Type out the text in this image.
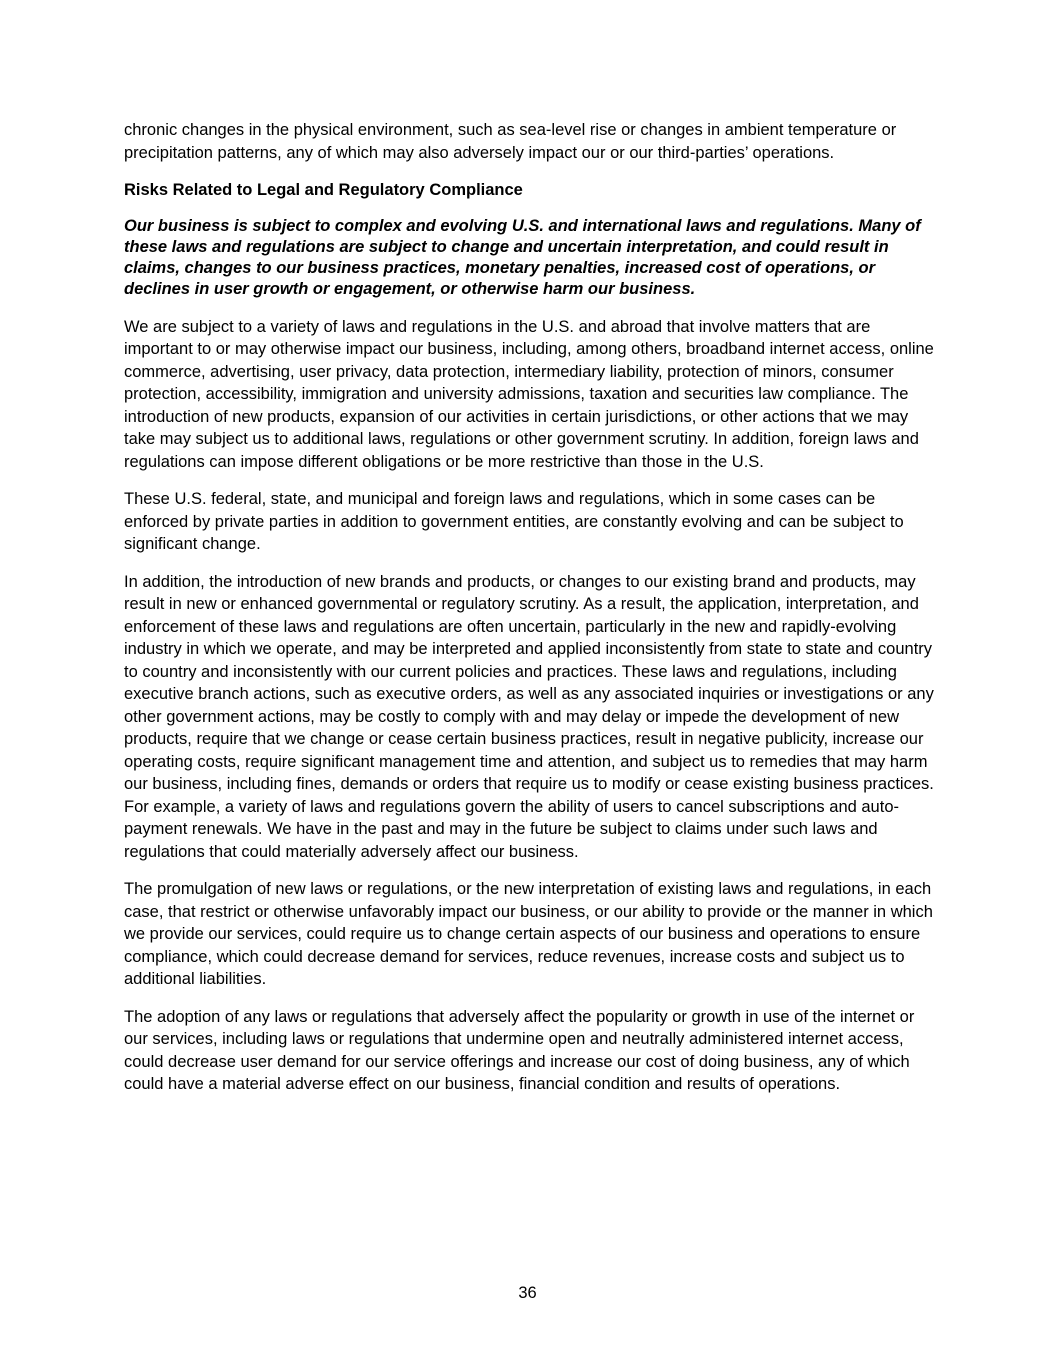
chronic changes in the physical environment, such as sea-level rise or changes in ambient temperature or precipitation patterns, any of which may also adversely impact our or our third-parties’ operations.

Risks Related to Legal and Regulatory Compliance

Our business is subject to complex and evolving U.S. and international laws and regulations. Many of these laws and regulations are subject to change and uncertain interpretation, and could result in claims, changes to our business practices, monetary penalties, increased cost of operations, or declines in user growth or engagement, or otherwise harm our business.

We are subject to a variety of laws and regulations in the U.S. and abroad that involve matters that are important to or may otherwise impact our business, including, among others, broadband internet access, online commerce, advertising, user privacy, data protection, intermediary liability, protection of minors, consumer protection, accessibility, immigration and university admissions, taxation and securities law compliance. The introduction of new products, expansion of our activities in certain jurisdictions, or other actions that we may take may subject us to additional laws, regulations or other government scrutiny. In addition, foreign laws and regulations can impose different obligations or be more restrictive than those in the U.S.

These U.S. federal, state, and municipal and foreign laws and regulations, which in some cases can be enforced by private parties in addition to government entities, are constantly evolving and can be subject to significant change.

In addition, the introduction of new brands and products, or changes to our existing brand and products, may result in new or enhanced governmental or regulatory scrutiny. As a result, the application, interpretation, and enforcement of these laws and regulations are often uncertain, particularly in the new and rapidly-evolving industry in which we operate, and may be interpreted and applied inconsistently from state to state and country to country and inconsistently with our current policies and practices. These laws and regulations, including executive branch actions, such as executive orders, as well as any associated inquiries or investigations or any other government actions, may be costly to comply with and may delay or impede the development of new products, require that we change or cease certain business practices, result in negative publicity, increase our operating costs, require significant management time and attention, and subject us to remedies that may harm our business, including fines, demands or orders that require us to modify or cease existing business practices. For example, a variety of laws and regulations govern the ability of users to cancel subscriptions and auto-payment renewals. We have in the past and may in the future be subject to claims under such laws and regulations that could materially adversely affect our business.

The promulgation of new laws or regulations, or the new interpretation of existing laws and regulations, in each case, that restrict or otherwise unfavorably impact our business, or our ability to provide or the manner in which we provide our services, could require us to change certain aspects of our business and operations to ensure compliance, which could decrease demand for services, reduce revenues, increase costs and subject us to additional liabilities.

The adoption of any laws or regulations that adversely affect the popularity or growth in use of the internet or our services, including laws or regulations that undermine open and neutrally administered internet access, could decrease user demand for our service offerings and increase our cost of doing business, any of which could have a material adverse effect on our business, financial condition and results of operations.

36
